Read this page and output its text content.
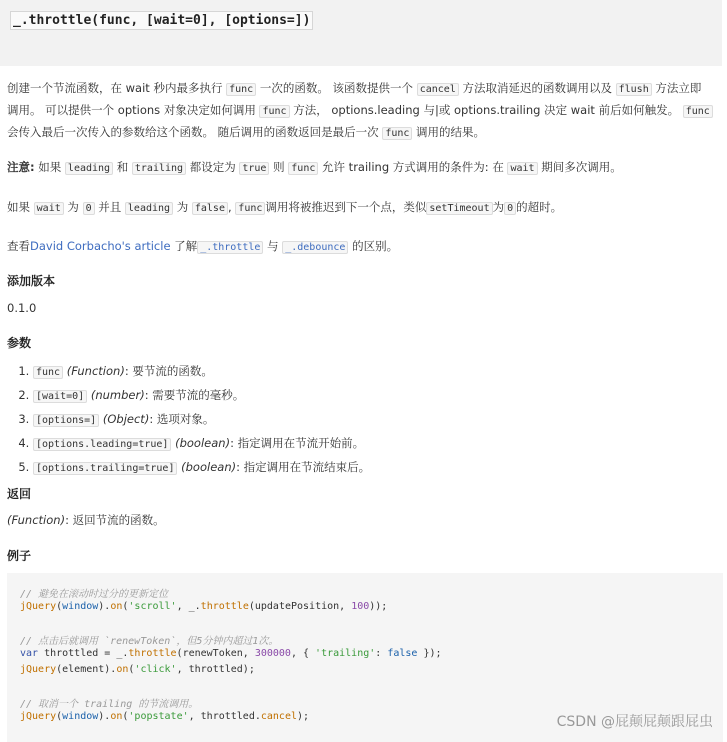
_.throttle(func, [wait=0], [options=])
创建一个节流函数，在 wait 秒内最多执行 func 一次的函数。 该函数提供一个 cancel 方法取消延迟的函数调用以及 flush 方法立即
调用。 可以提供一个 options 对象决定如何调用 func 方法， options.leading 与|或 options.trailing 决定 wait 前后如何触发。 func
会传入最后一次传入的参数给这个函数。 随后调用的函数返回是最后一次 func 调用的结果。
注意: 如果 leading 和 trailing 都设定为 true 则 func 允许 trailing 方式调用的条件为: 在 wait 期间多次调用。
如果 wait 为 0 并且 leading 为 false , func 调用将被推迟到下一个点，类似 setTimeout 为 0 的超时。
查看David Corbacho's article 了解 _.throttle 与 _.debounce 的区别。
添加版本
0.1.0
参数
1. func (Function): 要节流的函数。
2. [wait=0] (number): 需要节流的毫秒。
3. [options=] (Object): 选项对象。
4. [options.leading=true] (boolean): 指定调用在节流开始前。
5. [options.trailing=true] (boolean): 指定调用在节流结束后。
返回
(Function): 返回节流的函数。
例子
// 避免在滚动时过分的更新定位
jQuery(window).on('scroll', _.throttle(updatePosition, 100));
// 点击后就调用 `renewToken`，但5分钟内超过1次。
var throttled = _.throttle(renewToken, 300000, { 'trailing': false });
jQuery(element).on('click', throttled);
// 取消一个 trailing 的节流调用。
jQuery(window).on('popstate', throttled.cancel);	CSDN @屁颠屁颠跟屁虫
